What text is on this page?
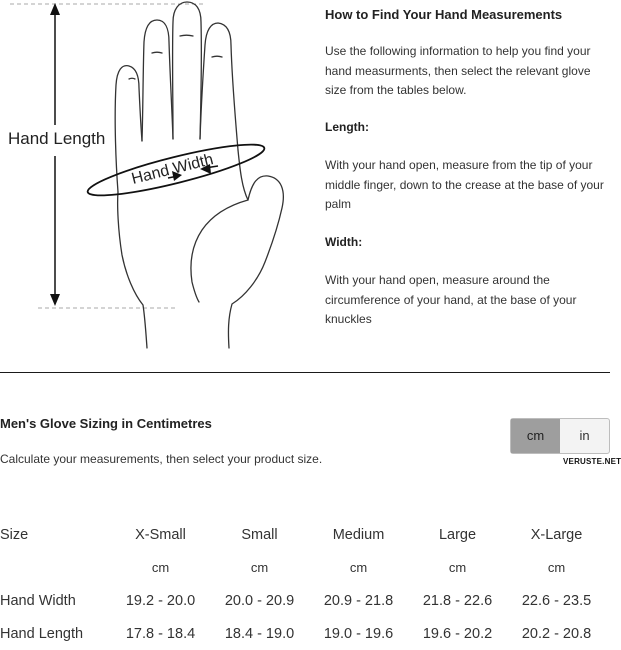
Hand Width
Hand Length
How to Find Your Hand Measurements
Use the following information to help you find your hand measurments, then select the relevant glove size from the tables below.
Length:
With your hand open, measure from the tip of your middle finger, down to the crease at the base of your palm
Width:
With your hand open, measure around the circumference of your hand, at the base of your knuckles
Men's Glove Sizing in Centimetres
Calculate your measurements, then select your product size.
cm	in
VERUSTE.NET
Size	X-Small	Small	Medium	Large	X-Large
	cm	cm	cm	cm	cm
Hand Width	19.2 - 20.0	20.0 - 20.9	20.9 - 21.8	21.8 - 22.6	22.6 - 23.5
Hand Length	17.8 - 18.4	18.4 - 19.0	19.0 - 19.6	19.6 - 20.2	20.2 - 20.8
